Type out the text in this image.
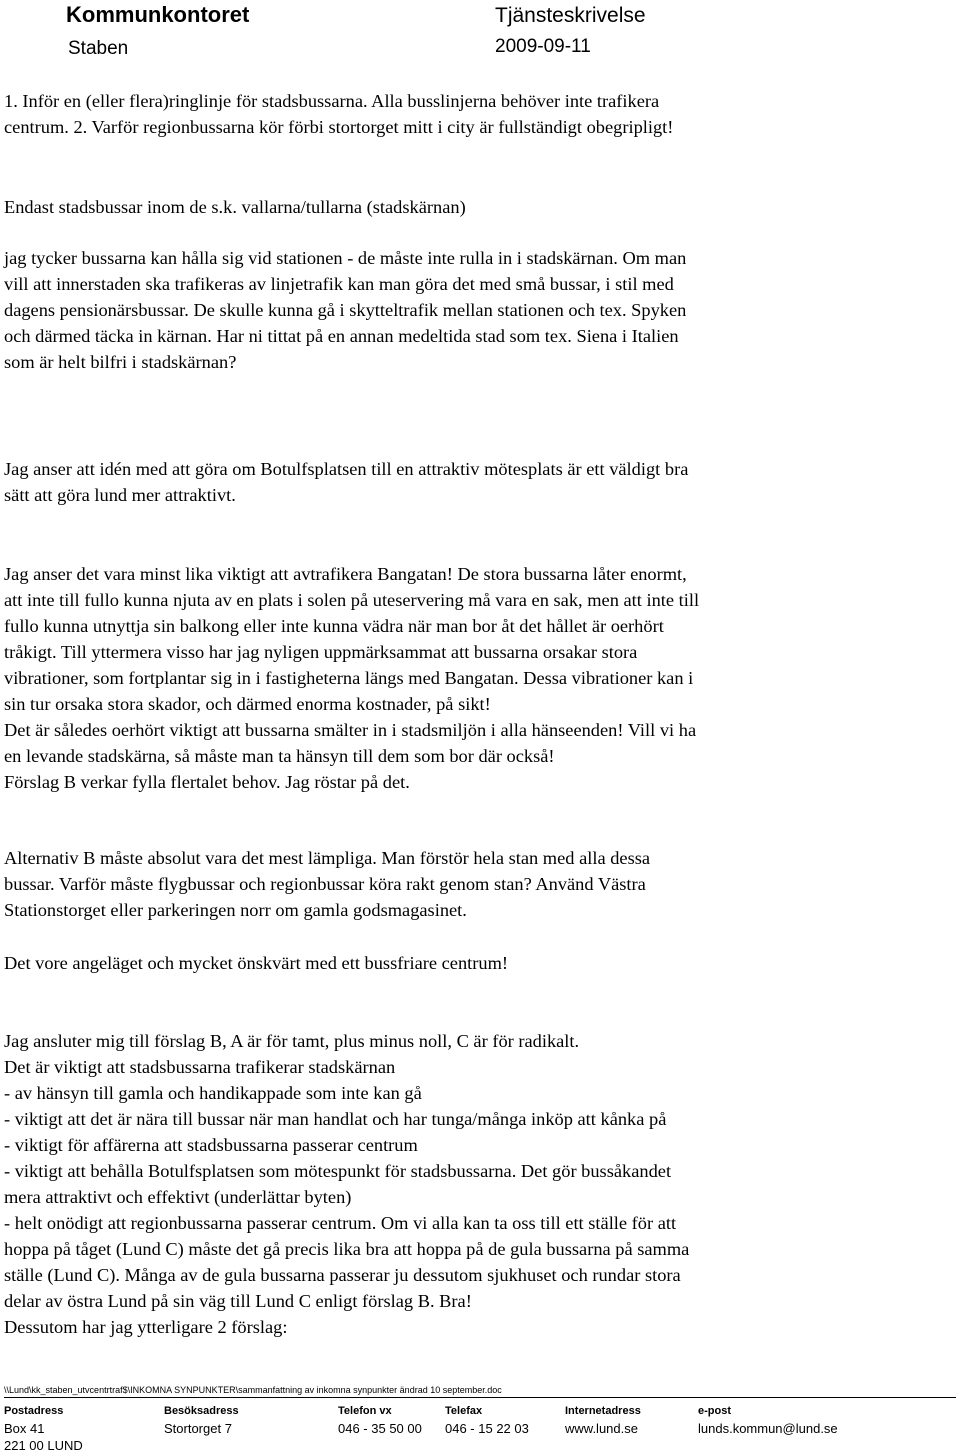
Kommunkontoret
Staben
Tjänsteskrivelse
2009-09-11
1. Inför en (eller flera)ringlinje för stadsbussarna. Alla busslinjerna behöver inte trafikera
centrum. 2. Varför regionbussarna kör förbi stortorget mitt i city är fullständigt obegripligt!
Endast stadsbussar inom de s.k. vallarna/tullarna (stadskärnan)
jag tycker bussarna kan hålla sig vid stationen - de måste inte rulla in i stadskärnan. Om man
vill att innerstaden ska trafikeras av linjetrafik kan man göra det med små bussar, i stil med
dagens pensionärsbussar. De skulle kunna gå i skytteltrafik mellan stationen och tex. Spyken
och därmed täcka in kärnan. Har ni tittat på en annan medeltida stad som tex. Siena i Italien
som är helt bilfri i stadskärnan?
Jag anser att idén med att göra om Botulfsplatsen till en attraktiv mötesplats är ett väldigt bra
sätt att göra lund mer attraktivt.
Jag anser det vara minst lika viktigt att avtrafikera Bangatan! De stora bussarna låter enormt,
att inte till fullo kunna njuta av en plats i solen på uteservering må vara en sak, men att inte till
fullo kunna utnyttja sin balkong eller inte kunna vädra när man bor åt det hållet är oerhört
tråkigt. Till yttermera visso har jag nyligen uppmärksammat att bussarna orsakar stora
vibrationer, som fortplantar sig in i fastigheterna längs med Bangatan. Dessa vibrationer kan i
sin tur orsaka stora skador, och därmed enorma kostnader, på sikt!
Det är således oerhört viktigt att bussarna smälter in i stadsmiljön i alla hänseenden! Vill vi ha
en levande stadskärna, så måste man ta hänsyn till dem som bor där också!
Förslag B verkar fylla flertalet behov. Jag röstar på det.
Alternativ B måste absolut vara det mest lämpliga. Man förstör hela stan med alla dessa
bussar. Varför måste flygbussar och regionbussar köra rakt genom stan? Använd Västra
Stationstorget eller parkeringen norr om gamla godsmagasinet.
Det vore angeläget och mycket önskvärt med ett bussfriare centrum!
Jag ansluter mig till förslag B, A är för tamt, plus minus noll, C är för radikalt.
Det är viktigt att stadsbussarna trafikerar stadskärnan
- av hänsyn till gamla och handikappade som inte kan gå
- viktigt att det är nära till bussar när man handlat och har tunga/många inköp att kånka på
- viktigt för affärerna att stadsbussarna passerar centrum
- viktigt att behålla Botulfsplatsen som mötespunkt för stadsbussarna. Det gör bussåkandet
mera attraktivt och effektivt (underlättar byten)
- helt onödigt att regionbussarna passerar centrum. Om vi alla kan ta oss till ett ställe för att
hoppa på tåget (Lund C) måste det gå precis lika bra att hoppa på de gula bussarna på samma
ställe (Lund C). Många av de gula bussarna passerar ju dessutom sjukhuset och rundar stora
delar av östra Lund på sin väg till Lund C enligt förslag B. Bra!
Dessutom har jag ytterligare 2 förslag:
\\Lund\kk_staben_utvcentrtraf$\INKOMNA SYNPUNKTER\sammanfattning av inkomna synpunkter ändrad 10 september.doc
Postadress
Box 41
221 00 LUND
Besöksadress
Stortorget 7
Telefon vx
046 - 35 50 00
Telefax
046 - 15 22 03
Internetadress
www.lund.se
e-post
lunds.kommun@lund.se
